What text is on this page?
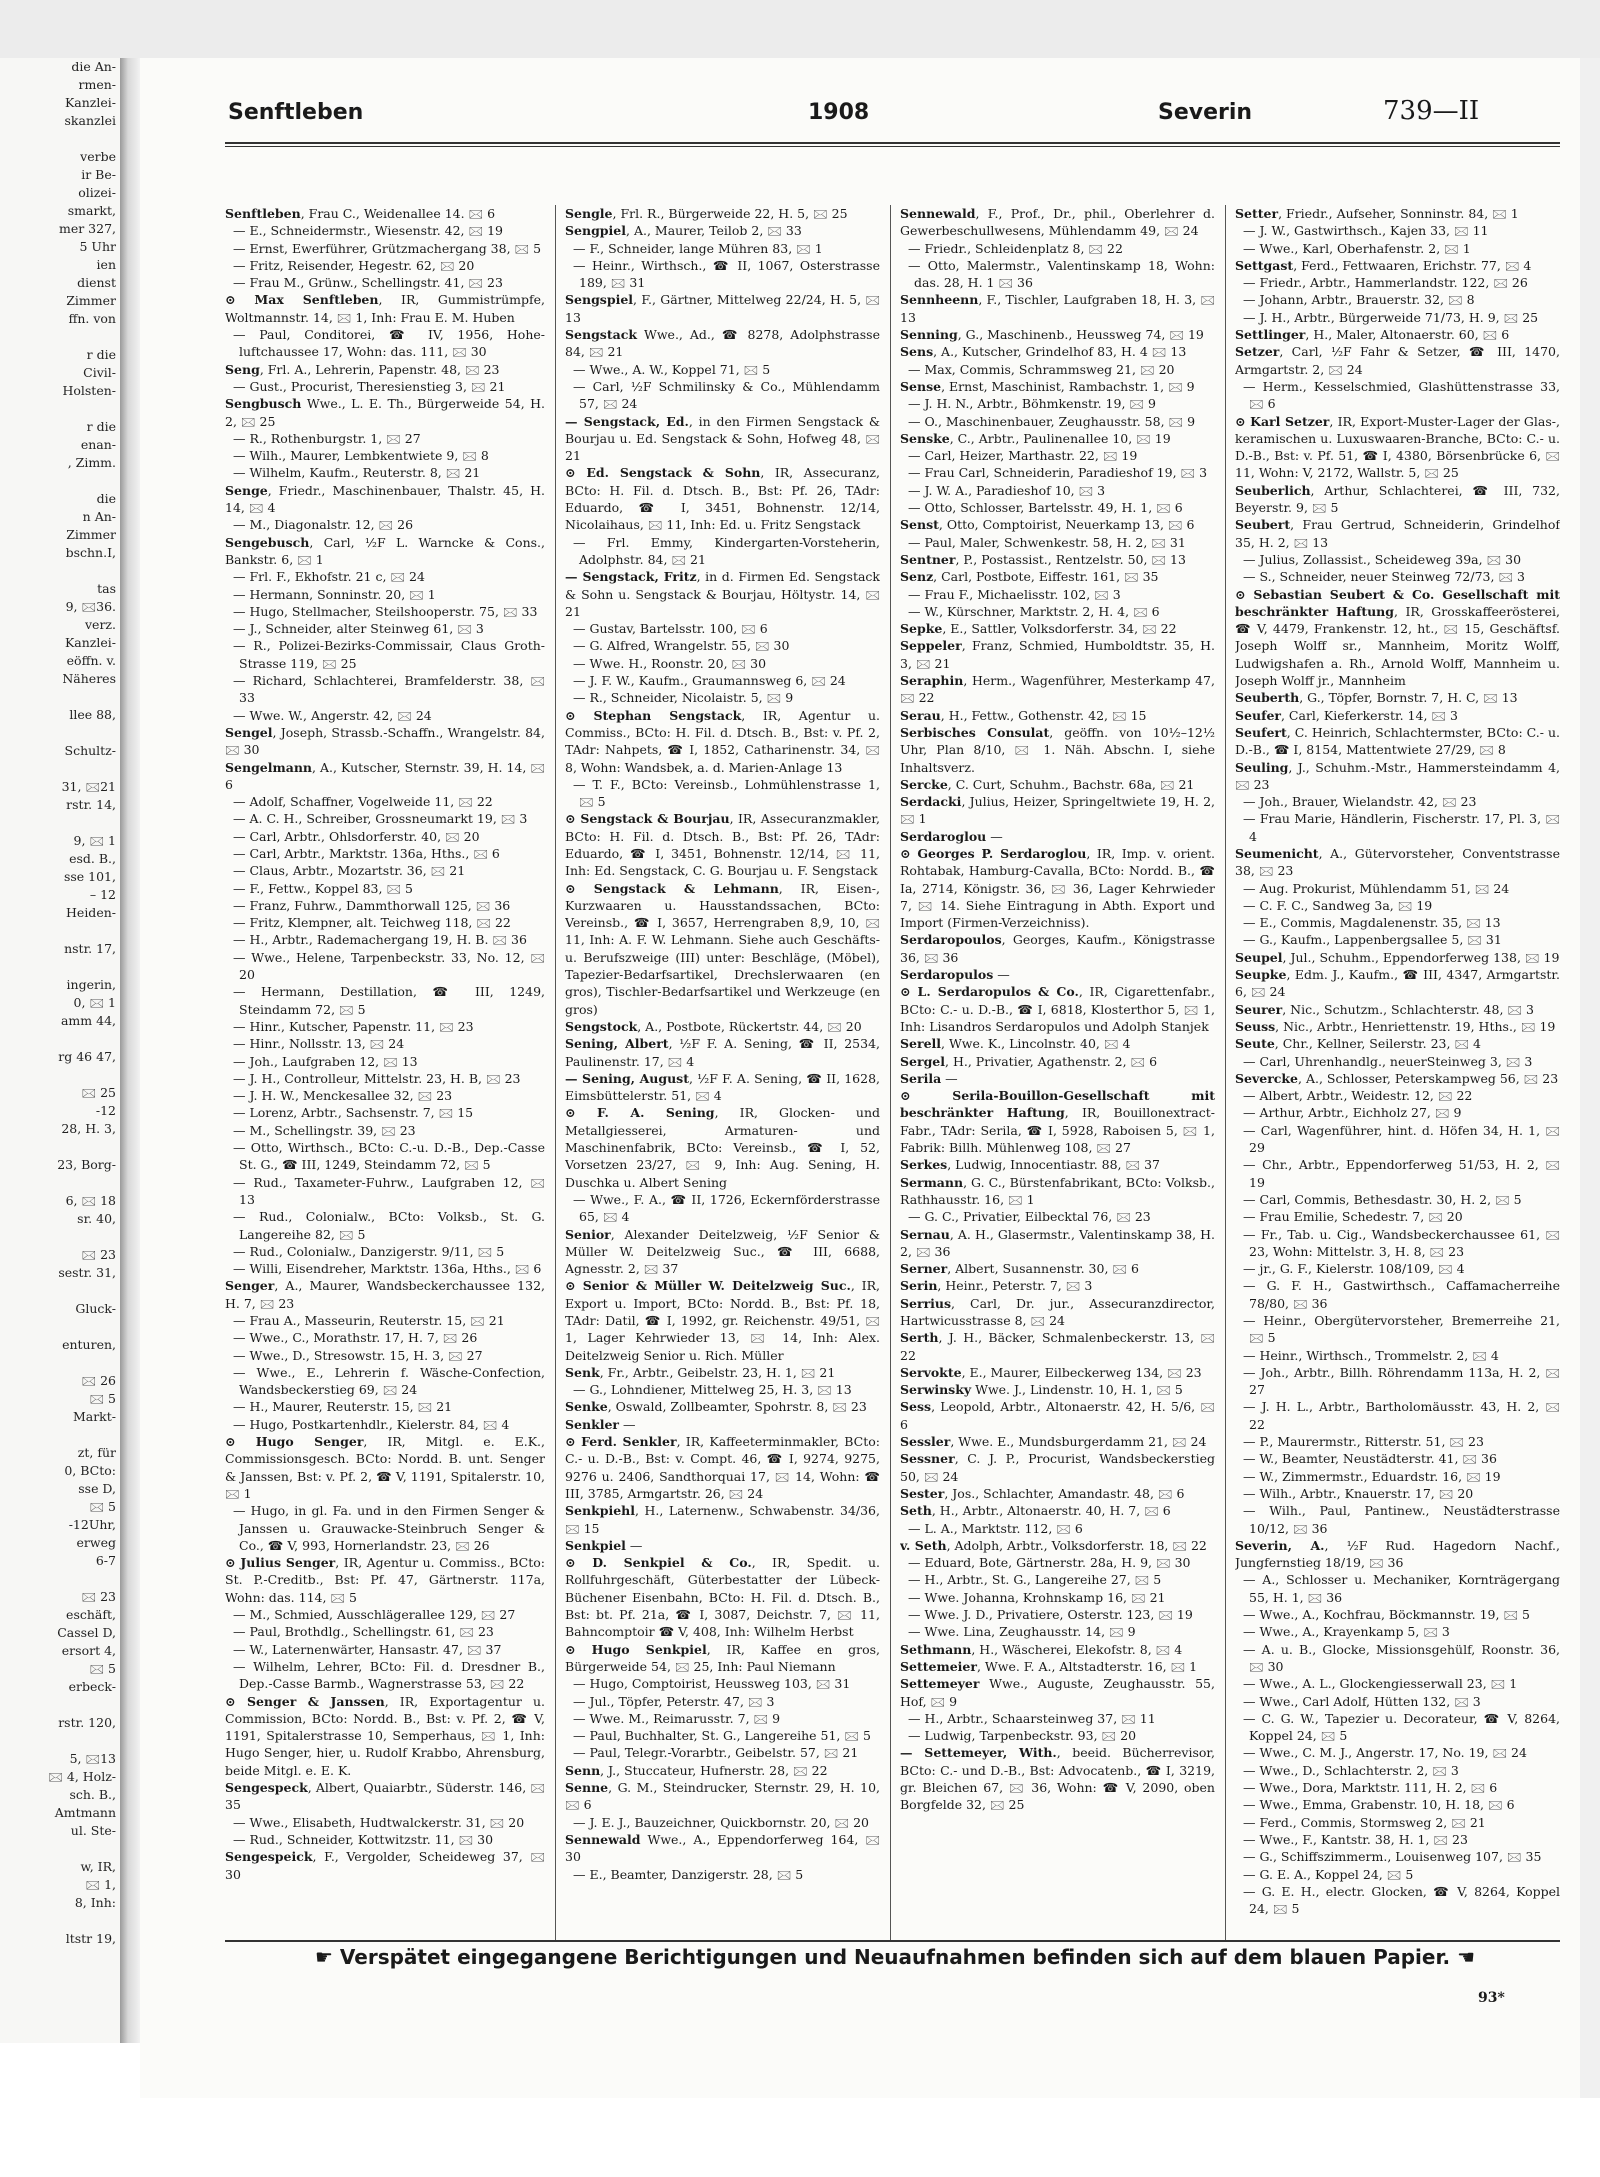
die An-
rmen-
Kanzlei-
skanzlei

verbe
ir Be-
olizei-
smarkt,
mer 327,
5 Uhr
ien
dienst
Zimmer
ffn. von

r die
Civil-
Holsten-

r die
enan-
, Zimm.

die
n An-
Zimmer
bschn.I,

tas
9, 🖂36.
verz.
Kanzlei-
eöffn. v.
Näheres

llee 88,

Schultz-

31, 🖂21
rstr. 14,

9, 🖂 1
esd. B.,
sse 101,
– 12
Heiden-

nstr. 17,

ingerin,
0, 🖂 1
amm 44,

rg 46 47,

🖂 25
-12
28, H. 3,

23, Borg-

6, 🖂 18
sr. 40,

🖂 23
sestr. 31,

Gluck-

enturen,

🖂 26
🖂 5
Markt-

zt, für
0, BCto:
sse D,
🖂 5
-12Uhr,
erweg
6-7

🖂 23
eschäft,
Cassel D,
ersort 4,
🖂 5
erbeck-

rstr. 120,

5, 🖂13
🖂 4, Holz-
sch. B.,
Amtmann
ul. Ste-

w, IR,
🖂 1,
8, Inh:

ltstr 19,
Senftleben	1908	Severin	739—II

Senftleben, Frau C., Weidenallee 14. 🖂 6

— E., Schneidermstr., Wiesenstr. 42, 🖂 19

— Ernst, Ewerführer, Grützmachergang 38, 🖂 5

— Fritz, Reisender, Hegestr. 62, 🖂 20

— Frau M., Grünw., Schellingstr. 41, 🖂 23

⊙ Max Senftleben, IR, Gummistrümpfe, Woltmannstr. 14, 🖂 1, Inh: Frau E. M. Huben

— Paul, Conditorei, ☎ IV, 1956, Hohe-luftchaussee 17, Wohn: das. 111, 🖂 30

Seng, Frl. A., Lehrerin, Papenstr. 48, 🖂 23

— Gust., Procurist, Theresienstieg 3, 🖂 21

Sengbusch Wwe., L. E. Th., Bürgerweide 54, H. 2, 🖂 25

— R., Rothenburgstr. 1, 🖂 27

— Wilh., Maurer, Lembkentwiete 9, 🖂 8

— Wilhelm, Kaufm., Reuterstr. 8, 🖂 21

Senge, Friedr., Maschinenbauer, Thalstr. 45, H. 14, 🖂 4

— M., Diagonalstr. 12, 🖂 26

Sengebusch, Carl, ½F L. Warncke & Cons., Bankstr. 6, 🖂 1

— Frl. F., Ekhofstr. 21 c, 🖂 24

— Hermann, Sonninstr. 20, 🖂 1

— Hugo, Stellmacher, Steilshooperstr. 75, 🖂 33

— J., Schneider, alter Steinweg 61, 🖂 3

— R., Polizei-Bezirks-Commissair, Claus Groth-Strasse 119, 🖂 25

— Richard, Schlachterei, Bramfelderstr. 38, 🖂 33

— Wwe. W., Angerstr. 42, 🖂 24

Sengel, Joseph, Strassb.-Schaffn., Wrangelstr. 84, 🖂 30

Sengelmann, A., Kutscher, Sternstr. 39, H. 14, 🖂 6

— Adolf, Schaffner, Vogelweide 11, 🖂 22

— A. C. H., Schreiber, Grossneumarkt 19, 🖂 3

— Carl, Arbtr., Ohlsdorferstr. 40, 🖂 20

— Carl, Arbtr., Marktstr. 136a, Hths., 🖂 6

— Claus, Arbtr., Mozartstr. 36, 🖂 21

— F., Fettw., Koppel 83, 🖂 5

— Franz, Fuhrw., Dammthorwall 125, 🖂 36

— Fritz, Klempner, alt. Teichweg 118, 🖂 22

— H., Arbtr., Rademachergang 19, H. B. 🖂 36

— Wwe., Helene, Tarpenbeckstr. 33, No. 12, 🖂 20

— Hermann, Destillation, ☎ III, 1249, Steindamm 72, 🖂 5

— Hinr., Kutscher, Papenstr. 11, 🖂 23

— Hinr., Nollsstr. 13, 🖂 24

— Joh., Laufgraben 12, 🖂 13

— J. H., Controlleur, Mittelstr. 23, H. B, 🖂 23

— J. H. W., Menckesallee 32, 🖂 23

— Lorenz, Arbtr., Sachsenstr. 7, 🖂 15

— M., Schellingstr. 39, 🖂 23

— Otto, Wirthsch., BCto: C.-u. D.-B., Dep.-Casse St. G., ☎ III, 1249, Steindamm 72, 🖂 5

— Rud., Taxameter-Fuhrw., Laufgraben 12, 🖂 13

— Rud., Colonialw., BCto: Volksb., St. G. Langereihe 82, 🖂 5

— Rud., Colonialw., Danzigerstr. 9/11, 🖂 5

— Willi, Eisendreher, Marktstr. 136a, Hths., 🖂 6

Senger, A., Maurer, Wandsbeckerchaussee 132, H. 7, 🖂 23

— Frau A., Masseurin, Reuterstr. 15, 🖂 21

— Wwe., C., Morathstr. 17, H. 7, 🖂 26

— Wwe., D., Stresowstr. 15, H. 3, 🖂 27

— Wwe., E., Lehrerin f. Wäsche-Confection, Wandsbeckerstieg 69, 🖂 24

— H., Maurer, Reuterstr. 15, 🖂 21

— Hugo, Postkartenhdlr., Kielerstr. 84, 🖂 4

⊙ Hugo Senger, IR, Mitgl. e. E.K., Commissionsgesch. BCto: Nordd. B. unt. Senger & Janssen, Bst: v. Pf. 2, ☎ V, 1191, Spitalerstr. 10, 🖂 1

— Hugo, in gl. Fa. und in den Firmen Senger & Janssen u. Grauwacke-Steinbruch Senger & Co., ☎ V, 993, Hornerlandstr. 23, 🖂 26

⊙ Julius Senger, IR, Agentur u. Commiss., BCto: St. P.-Creditb., Bst: Pf. 47, Gärtnerstr. 117a, Wohn: das. 114, 🖂 5

— M., Schmied, Ausschlägerallee 129, 🖂 27

— Paul, Brothdlg., Schellingstr. 61, 🖂 23

— W., Laternenwärter, Hansastr. 47, 🖂 37

— Wilhelm, Lehrer, BCto: Fil. d. Dresdner B., Dep.-Casse Barmb., Wagnerstrasse 53, 🖂 22

⊙ Senger & Janssen, IR, Exportagentur u. Commission, BCto: Nordd. B., Bst: v. Pf. 2, ☎ V, 1191, Spitalerstrasse 10, Semperhaus, 🖂 1, Inh: Hugo Senger, hier, u. Rudolf Krabbo, Ahrensburg, beide Mitgl. e. E. K.

Sengespeck, Albert, Quaiarbtr., Süderstr. 146, 🖂 35

— Wwe., Elisabeth, Hudtwalckerstr. 31, 🖂 20

— Rud., Schneider, Kottwitzstr. 11, 🖂 30

Sengespeick, F., Vergolder, Scheideweg 37, 🖂 30

Sengle, Frl. R., Bürgerweide 22, H. 5, 🖂 25

Sengpiel, A., Maurer, Teilob 2, 🖂 33

— F., Schneider, lange Mühren 83, 🖂 1

— Heinr., Wirthsch., ☎ II, 1067, Osterstrasse 189, 🖂 31

Sengspiel, F., Gärtner, Mittelweg 22/24, H. 5, 🖂 13

Sengstack Wwe., Ad., ☎ 8278, Adolphstrasse 84, 🖂 21

— Wwe., A. W., Koppel 71, 🖂 5

— Carl, ½F Schmilinsky & Co., Mühlendamm 57, 🖂 24

— Sengstack, Ed., in den Firmen Sengstack & Bourjau u. Ed. Sengstack & Sohn, Hofweg 48, 🖂 21

⊙ Ed. Sengstack & Sohn, IR, Assecuranz, BCto: H. Fil. d. Dtsch. B., Bst: Pf. 26, TAdr: Eduardo, ☎ I, 3451, Bohnenstr. 12/14, Nicolaihaus, 🖂 11, Inh: Ed. u. Fritz Sengstack

— Frl. Emmy, Kindergarten-Vorsteherin, Adolphstr. 84, 🖂 21

— Sengstack, Fritz, in d. Firmen Ed. Sengstack & Sohn u. Sengstack & Bourjau, Höltystr. 14, 🖂 21

— Gustav, Bartelsstr. 100, 🖂 6

— G. Alfred, Wrangelstr. 55, 🖂 30

— Wwe. H., Roonstr. 20, 🖂 30

— J. F. W., Kaufm., Graumannsweg 6, 🖂 24

— R., Schneider, Nicolaistr. 5, 🖂 9

⊙ Stephan Sengstack, IR, Agentur u. Commiss., BCto: H. Fil. d. Dtsch. B., Bst: v. Pf. 2, TAdr: Nahpets, ☎ I, 1852, Catharinenstr. 34, 🖂 8, Wohn: Wandsbek, a. d. Marien-Anlage 13

— T. F., BCto: Vereinsb., Lohmühlenstrasse 1, 🖂 5

⊙ Sengstack & Bourjau, IR, Assecuranzmakler, BCto: H. Fil. d. Dtsch. B., Bst: Pf. 26, TAdr: Eduardo, ☎ I, 3451, Bohnenstr. 12/14, 🖂 11, Inh: Ed. Sengstack, C. G. Bourjau u. F. Sengstack

⊙ Sengstack & Lehmann, IR, Eisen-, Kurzwaaren u. Hausstandssachen, BCto: Vereinsb., ☎ I, 3657, Herrengraben 8,9, 10, 🖂 11, Inh: A. F. W. Lehmann. Siehe auch Geschäfts- u. Berufszweige (III) unter: Beschläge, (Möbel), Tapezier-Bedarfsartikel, Drechslerwaaren (en gros), Tischler-Bedarfsartikel und Werkzeuge (en gros)

Sengstock, A., Postbote, Rückertstr. 44, 🖂 20

Sening, Albert, ½F F. A. Sening, ☎ II, 2534, Paulinenstr. 17, 🖂 4

— Sening, August, ½F F. A. Sening, ☎ II, 1628, Eimsbüttelerstr. 51, 🖂 4

⊙ F. A. Sening, IR, Glocken- und Metallgiesserei, Armaturen- und Maschinenfabrik, BCto: Vereinsb., ☎ I, 52, Vorsetzen 23/27, 🖂 9, Inh: Aug. Sening, H. Duschka u. Albert Sening

— Wwe., F. A., ☎ II, 1726, Eckernförderstrasse 65, 🖂 4

Senior, Alexander Deitelzweig, ½F Senior & Müller W. Deitelzweig Suc., ☎ III, 6688, Agnesstr. 2, 🖂 37

⊙ Senior & Müller W. Deitelzweig Suc., IR, Export u. Import, BCto: Nordd. B., Bst: Pf. 18, TAdr: Datil, ☎ I, 1992, gr. Reichenstr. 49/51, 🖂 1, Lager Kehrwieder 13, 🖂 14, Inh: Alex. Deitelzweig Senior u. Rich. Müller

Senk, Fr., Arbtr., Geibelstr. 23, H. 1, 🖂 21

— G., Lohndiener, Mittelweg 25, H. 3, 🖂 13

Senke, Oswald, Zollbeamter, Spohrstr. 8, 🖂 23

Senkler —

⊙ Ferd. Senkler, IR, Kaffeeterminmakler, BCto: C.- u. D.-B., Bst: v. Compt. 46, ☎ I, 9274, 9275, 9276 u. 2406, Sandthorquai 17, 🖂 14, Wohn: ☎ III, 3785, Armgartstr. 26, 🖂 24

Senkpiehl, H., Laternenw., Schwabenstr. 34/36, 🖂 15

Senkpiel —

⊙ D. Senkpiel & Co., IR, Spedit. u. Rollfuhrgeschäft, Güterbestatter der Lübeck-Büchener Eisenbahn, BCto: H. Fil. d. Dtsch. B., Bst: bt. Pf. 21a, ☎ I, 3087, Deichstr. 7, 🖂 11, Bahncomptoir ☎ V, 408, Inh: Wilhelm Herbst

⊙ Hugo Senkpiel, IR, Kaffee en gros, Bürgerweide 54, 🖂 25, Inh: Paul Niemann

— Hugo, Comptoirist, Heussweg 103, 🖂 31

— Jul., Töpfer, Peterstr. 47, 🖂 3

— Wwe. M., Reimarusstr. 7, 🖂 9

— Paul, Buchhalter, St. G., Langereihe 51, 🖂 5

— Paul, Telegr.-Vorarbtr., Geibelstr. 57, 🖂 21

Senn, J., Stuccateur, Hufnerstr. 28, 🖂 22

Senne, G. M., Steindrucker, Sternstr. 29, H. 10, 🖂 6

— J. E. J., Bauzeichner, Quickbornstr. 20, 🖂 20

Sennewald Wwe., A., Eppendorferweg 164, 🖂 30

— E., Beamter, Danzigerstr. 28, 🖂 5

Sennewald, F., Prof., Dr., phil., Oberlehrer d. Gewerbeschullwesens, Mühlendamm 49, 🖂 24

— Friedr., Schleidenplatz 8, 🖂 22

— Otto, Malermstr., Valentinskamp 18, Wohn: das. 28, H. 1 🖂 36

Sennheenn, F., Tischler, Laufgraben 18, H. 3, 🖂 13

Senning, G., Maschinenb., Heussweg 74, 🖂 19

Sens, A., Kutscher, Grindelhof 83, H. 4 🖂 13

— Max, Commis, Schrammsweg 21, 🖂 20

Sense, Ernst, Maschinist, Rambachstr. 1, 🖂 9

— J. H. N., Arbtr., Böhmkenstr. 19, 🖂 9

— O., Maschinenbauer, Zeughausstr. 58, 🖂 9

Senske, C., Arbtr., Paulinenallee 10, 🖂 19

— Carl, Heizer, Marthastr. 22, 🖂 19

— Frau Carl, Schneiderin, Paradieshof 19, 🖂 3

— J. W. A., Paradieshof 10, 🖂 3

— Otto, Schlosser, Bartelsstr. 49, H. 1, 🖂 6

Senst, Otto, Comptoirist, Neuerkamp 13, 🖂 6

— Paul, Maler, Schwenkestr. 58, H. 2, 🖂 31

Sentner, P., Postassist., Rentzelstr. 50, 🖂 13

Senz, Carl, Postbote, Eiffestr. 161, 🖂 35

— Frau F., Michaelisstr. 102, 🖂 3

— W., Kürschner, Marktstr. 2, H. 4, 🖂 6

Sepke, E., Sattler, Volksdorferstr. 34, 🖂 22

Seppeler, Franz, Schmied, Humboldtstr. 35, H. 3, 🖂 21

Seraphin, Herm., Wagenführer, Mesterkamp 47, 🖂 22

Serau, H., Fettw., Gothenstr. 42, 🖂 15

Serbisches Consulat, geöffn. von 10½–12½ Uhr, Plan 8/10, 🖂 1. Näh. Abschn. I, siehe Inhaltsverz.

Sercke, C. Curt, Schuhm., Bachstr. 68a, 🖂 21

Serdacki, Julius, Heizer, Springeltwiete 19, H. 2, 🖂 1

Serdaroglou —

⊙ Georges P. Serdaroglou, IR, Imp. v. orient. Rohtabak, Hamburg-Cavalla, BCto: Nordd. B., ☎ Ia, 2714, Königstr. 36, 🖂 36, Lager Kehrwieder 7, 🖂 14. Siehe Eintragung in Abth. Export und Import (Firmen-Verzeichniss).

Serdaropoulos, Georges, Kaufm., Königstrasse 36, 🖂 36

Serdaropulos —

⊙ L. Serdaropulos & Co., IR, Cigarettenfabr., BCto: C.- u. D.-B., ☎ I, 6818, Klosterthor 5, 🖂 1, Inh: Lisandros Serdaropulos und Adolph Stanjek

Serell, Wwe. K., Lincolnstr. 40, 🖂 4

Sergel, H., Privatier, Agathenstr. 2, 🖂 6

Serila —

⊙ Serila-Bouillon-Gesellschaft mit beschränkter Haftung, IR, Bouillonextract-Fabr., TAdr: Serila, ☎ I, 5928, Raboisen 5, 🖂 1, Fabrik: Billh. Mühlenweg 108, 🖂 27

Serkes, Ludwig, Innocentiastr. 88, 🖂 37

Sermann, G. C., Bürstenfabrikant, BCto: Volksb., Rathhausstr. 16, 🖂 1

— G. C., Privatier, Eilbecktal 76, 🖂 23

Sernau, A. H., Glasermstr., Valentinskamp 38, H. 2, 🖂 36

Serner, Albert, Susannenstr. 30, 🖂 6

Serin, Heinr., Peterstr. 7, 🖂 3

Serrius, Carl, Dr. jur., Assecuranzdirector, Hartwicusstrasse 8, 🖂 24

Serth, J. H., Bäcker, Schmalenbeckerstr. 13, 🖂 22

Servokte, E., Maurer, Eilbeckerweg 134, 🖂 23

Serwinsky Wwe. J., Lindenstr. 10, H. 1, 🖂 5

Sess, Leopold, Arbtr., Altonaerstr. 42, H. 5/6, 🖂 6

Sessler, Wwe. E., Mundsburgerdamm 21, 🖂 24

Sessner, C. J. P., Procurist, Wandsbeckerstieg 50, 🖂 24

Sester, Jos., Schlachter, Amandastr. 48, 🖂 6

Seth, H., Arbtr., Altonaerstr. 40, H. 7, 🖂 6

— L. A., Marktstr. 112, 🖂 6

v. Seth, Adolph, Arbtr., Volksdorferstr. 18, 🖂 22

— Eduard, Bote, Gärtnerstr. 28a, H. 9, 🖂 30

— H., Arbtr., St. G., Langereihe 27, 🖂 5

— Wwe. Johanna, Krohnskamp 16, 🖂 21

— Wwe. J. D., Privatiere, Osterstr. 123, 🖂 19

— Wwe. Lina, Zeughausstr. 14, 🖂 9

Sethmann, H., Wäscherei, Elekofstr. 8, 🖂 4

Settemeier, Wwe. F. A., Altstadterstr. 16, 🖂 1

Settemeyer Wwe., Auguste, Zeughausstr. 55, Hof, 🖂 9

— H., Arbtr., Schaarsteinweg 37, 🖂 11

— Ludwig, Tarpenbeckstr. 93, 🖂 20

— Settemeyer, With., beeid. Bücherrevisor, BCto: C.- und D.-B., Bst: Advocatenb., ☎ I, 3219, gr. Bleichen 67, 🖂 36, Wohn: ☎ V, 2090, oben Borgfelde 32, 🖂 25

Setter, Friedr., Aufseher, Sonninstr. 84, 🖂 1

— J. W., Gastwirthsch., Kajen 33, 🖂 11

— Wwe., Karl, Oberhafenstr. 2, 🖂 1

Settgast, Ferd., Fettwaaren, Erichstr. 77, 🖂 4

— Friedr., Arbtr., Hammerlandstr. 122, 🖂 26

— Johann, Arbtr., Brauerstr. 32, 🖂 8

— J. H., Arbtr., Bürgerweide 71/73, H. 9, 🖂 25

Settlinger, H., Maler, Altonaerstr. 60, 🖂 6

Setzer, Carl, ½F Fahr & Setzer, ☎ III, 1470, Armgartstr. 2, 🖂 24

— Herm., Kesselschmied, Glashüttenstrasse 33, 🖂 6

⊙ Karl Setzer, IR, Export-Muster-Lager der Glas-, keramischen u. Luxuswaaren-Branche, BCto: C.- u. D.-B., Bst: v. Pf. 51, ☎ I, 4380, Börsenbrücke 6, 🖂 11, Wohn: V, 2172, Wallstr. 5, 🖂 25

Seuberlich, Arthur, Schlachterei, ☎ III, 732, Beyerstr. 9, 🖂 5

Seubert, Frau Gertrud, Schneiderin, Grindelhof 35, H. 2, 🖂 13

— Julius, Zollassist., Scheideweg 39a, 🖂 30

— S., Schneider, neuer Steinweg 72/73, 🖂 3

⊙ Sebastian Seubert & Co. Gesellschaft mit beschränkter Haftung, IR, Grosskaffeerösterei, ☎ V, 4479, Frankenstr. 12, ht., 🖂 15, Geschäftsf. Joseph Wolff sr., Mannheim, Moritz Wolff, Ludwigshafen a. Rh., Arnold Wolff, Mannheim u. Joseph Wolff jr., Mannheim

Seuberth, G., Töpfer, Bornstr. 7, H. C, 🖂 13

Seufer, Carl, Kieferkerstr. 14, 🖂 3

Seufert, C. Heinrich, Schlachtermster, BCto: C.- u. D.-B., ☎ I, 8154, Mattentwiete 27/29, 🖂 8

Seuling, J., Schuhm.-Mstr., Hammersteindamm 4, 🖂 23

— Joh., Brauer, Wielandstr. 42, 🖂 23

— Frau Marie, Händlerin, Fischerstr. 17, Pl. 3, 🖂 4

Seumenicht, A., Gütervorsteher, Conventstrasse 38, 🖂 23

— Aug. Prokurist, Mühlendamm 51, 🖂 24

— C. F. C., Sandweg 3a, 🖂 19

— E., Commis, Magdalenenstr. 35, 🖂 13

— G., Kaufm., Lappenbergsallee 5, 🖂 31

Seupel, Jul., Schuhm., Eppendorferweg 138, 🖂 19

Seupke, Edm. J., Kaufm., ☎ III, 4347, Armgartstr. 6, 🖂 24

Seurer, Nic., Schutzm., Schlachterstr. 48, 🖂 3

Seuss, Nic., Arbtr., Henriettenstr. 19, Hths., 🖂 19

Seute, Chr., Kellner, Seilerstr. 23, 🖂 4

— Carl, Uhrenhandlg., neuerSteinweg 3, 🖂 3

Severcke, A., Schlosser, Peterskampweg 56, 🖂 23

— Albert, Arbtr., Weidestr. 12, 🖂 22

— Arthur, Arbtr., Eichholz 27, 🖂 9

— Carl, Wagenführer, hint. d. Höfen 34, H. 1, 🖂 29

— Chr., Arbtr., Eppendorferweg 51/53, H. 2, 🖂 19

— Carl, Commis, Bethesdastr. 30, H. 2, 🖂 5

— Frau Emilie, Schedestr. 7, 🖂 20

— Fr., Tab. u. Cig., Wandsbeckerchaussee 61, 🖂 23, Wohn: Mittelstr. 3, H. 8, 🖂 23

— jr., G. F., Kielerstr. 108/109, 🖂 4

— G. F. H., Gastwirthsch., Caffamacherreihe 78/80, 🖂 36

— Heinr., Obergütervorsteher, Bremerreihe 21, 🖂 5

— Heinr., Wirthsch., Trommelstr. 2, 🖂 4

— Joh., Arbtr., Billh. Röhrendamm 113a, H. 2, 🖂 27

— J. H. L., Arbtr., Bartholomäusstr. 43, H. 2, 🖂 22

— P., Maurermstr., Ritterstr. 51, 🖂 23

— W., Beamter, Neustädterstr. 41, 🖂 36

— W., Zimmermstr., Eduardstr. 16, 🖂 19

— Wilh., Arbtr., Knauerstr. 17, 🖂 20

— Wilh., Paul, Pantinew., Neustädterstrasse 10/12, 🖂 36

Severin, A., ½F Rud. Hagedorn Nachf., Jungfernstieg 18/19, 🖂 36

— A., Schlosser u. Mechaniker, Kornträgergang 55, H. 1, 🖂 36

— Wwe., A., Kochfrau, Böckmannstr. 19, 🖂 5

— Wwe., A., Krayenkamp 5, 🖂 3

— A. u. B., Glocke, Missionsgehülf, Roonstr. 36, 🖂 30

— Wwe., A. L., Glockengiesserwall 23, 🖂 1

— Wwe., Carl Adolf, Hütten 132, 🖂 3

— C. G. W., Tapezier u. Decorateur, ☎ V, 8264, Koppel 24, 🖂 5

— Wwe., C. M. J., Angerstr. 17, No. 19, 🖂 24

— Wwe., D., Schlachterstr. 2, 🖂 3

— Wwe., Dora, Marktstr. 111, H. 2, 🖂 6

— Wwe., Emma, Grabenstr. 10, H. 18, 🖂 6

— Ferd., Commis, Stormsweg 2, 🖂 21

— Wwe., F., Kantstr. 38, H. 1, 🖂 23

— G., Schiffszimmerm., Louisenweg 107, 🖂 35

— G. E. A., Koppel 24, 🖂 5

— G. E. H., electr. Glocken, ☎ V, 8264, Koppel 24, 🖂 5

☛ Verspätet eingegangene Berichtigungen und Neuaufnahmen befinden sich auf dem blauen Papier. ☚
93*
